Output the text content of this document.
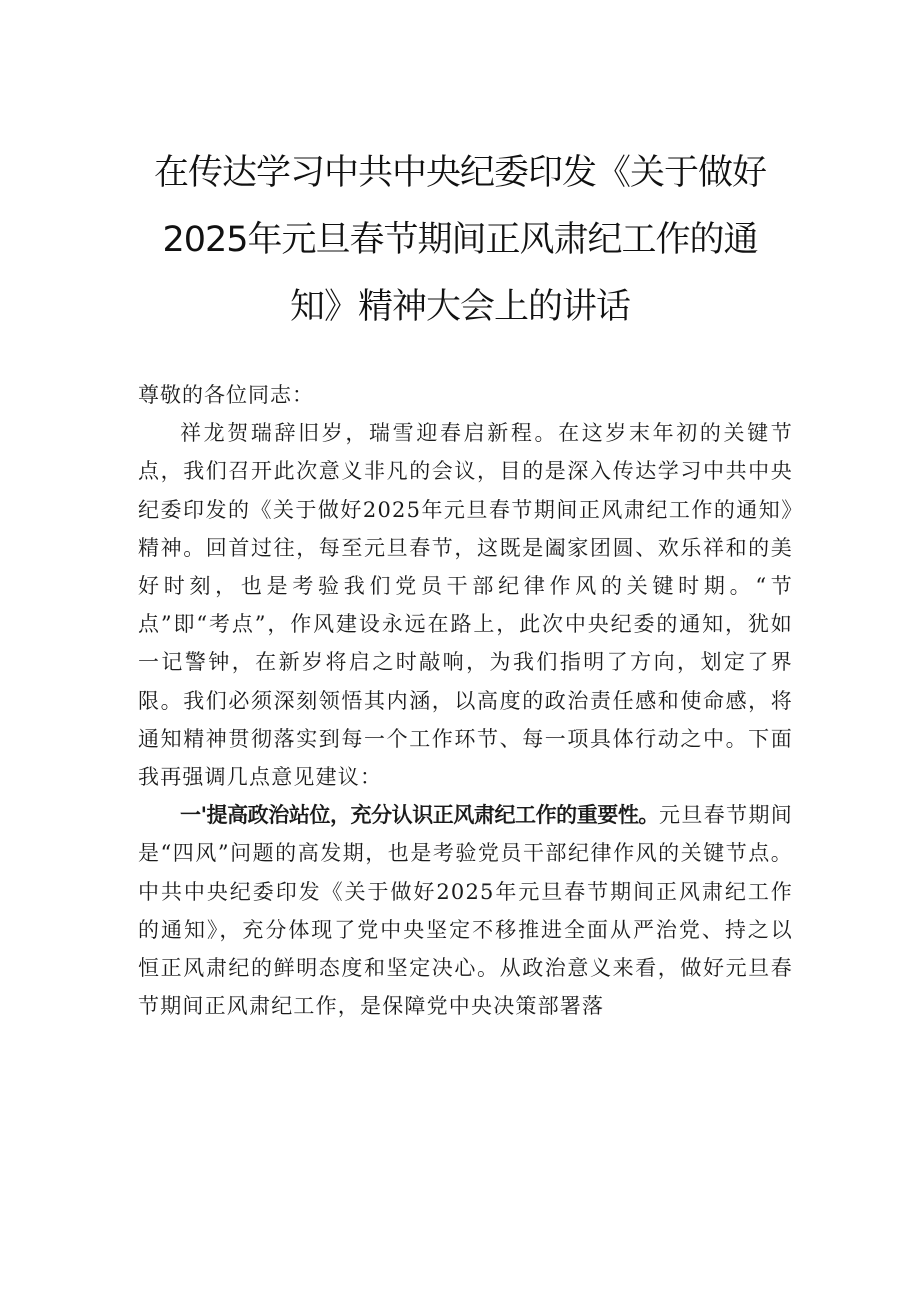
在传达学习中共中央纪委印发《关于做好
2025年元旦春节期间正风肃纪工作的通
知》精神大会上的讲话

尊敬的各位同志：

祥龙贺瑞辞旧岁，瑞雪迎春启新程。在这岁末年初的关键节点，我们召开此次意义非凡的会议，目的是深入传达学习中共中央纪委印发的《关于做好2025年元旦春节期间正风肃纪工作的通知》精神。回首过往，每至元旦春节，这既是阖家团圆、欢乐祥和的美好时刻，也是考验我们党员干部纪律作风的关键时期。“节点”即“考点”，作风建设永远在路上，此次中央纪委的通知，犹如一记警钟，在新岁将启之时敲响，为我们指明了方向，划定了界限。我们必须深刻领悟其内涵，以高度的政治责任感和使命感，将通知精神贯彻落实到每一个工作环节、每一项具体行动之中。下面我再强调几点意见建议：

一'提高政治站位，充分认识正风肃纪工作的重要性。元旦春节期间是“四风”问题的高发期，也是考验党员干部纪律作风的关键节点。中共中央纪委印发《关于做好2025年元旦春节期间正风肃纪工作的通知》，充分体现了党中央坚定不移推进全面从严治党、持之以恒正风肃纪的鲜明态度和坚定决心。从政治意义来看，做好元旦春节期间正风肃纪工作，是保障党中央决策部署落
